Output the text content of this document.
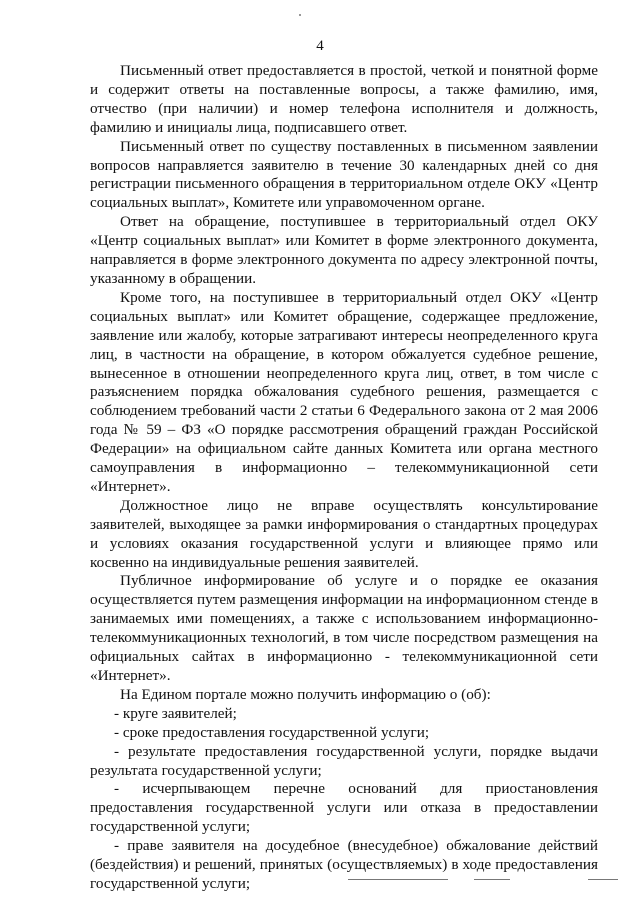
4

Письменный ответ предоставляется в простой, четкой и понятной форме и содержит ответы на поставленные вопросы, а также фамилию, имя, отчество (при наличии) и номер телефона исполнителя и должность, фамилию и инициалы лица, подписавшего ответ.

Письменный ответ по существу поставленных в письменном заявлении вопросов направляется заявителю в течение 30 календарных дней со дня регистрации письменного обращения в территориальном отделе ОКУ «Центр социальных выплат», Комитете или управомоченном органе.

Ответ на обращение, поступившее в территориальный отдел ОКУ «Центр социальных выплат» или Комитет в форме электронного документа, направляется в форме электронного документа по адресу электронной почты, указанному в обращении.

Кроме того, на поступившее в территориальный отдел ОКУ «Центр социальных выплат» или Комитет обращение, содержащее предложение, заявление или жалобу, которые затрагивают интересы неопределенного круга лиц, в частности на обращение, в котором обжалуется судебное решение, вынесенное в отношении неопределенного круга лиц, ответ, в том числе с разъяснением порядка обжалования судебного решения, размещается с соблюдением требований части 2 статьи 6 Федерального закона от 2 мая 2006 года № 59 – ФЗ «О порядке рассмотрения обращений граждан Российской Федерации» на официальном сайте данных Комитета или органа местного самоуправления в информационно – телекоммуникационной сети «Интернет».

Должностное лицо не вправе осуществлять консультирование заявителей, выходящее за рамки информирования о стандартных процедурах и условиях оказания государственной услуги и влияющее прямо или косвенно на индивидуальные решения заявителей.

Публичное информирование об услуге и о порядке ее оказания осуществляется путем размещения информации на информационном стенде в занимаемых ими помещениях, а также с использованием информационно-телекоммуникационных технологий, в том числе посредством размещения на официальных сайтах в информационно - телекоммуникационной сети «Интернет».

На Едином портале можно получить информацию о (об):

- круге заявителей;

- сроке предоставления государственной услуги;

- результате предоставления государственной услуги, порядке выдачи результата государственной услуги;

- исчерпывающем перечне оснований для приостановления предоставления государственной услуги или отказа в предоставлении государственной услуги;

- праве заявителя на досудебное (внесудебное) обжалование действий (бездействия) и решений, принятых (осуществляемых) в ходе предоставления государственной услуги;
